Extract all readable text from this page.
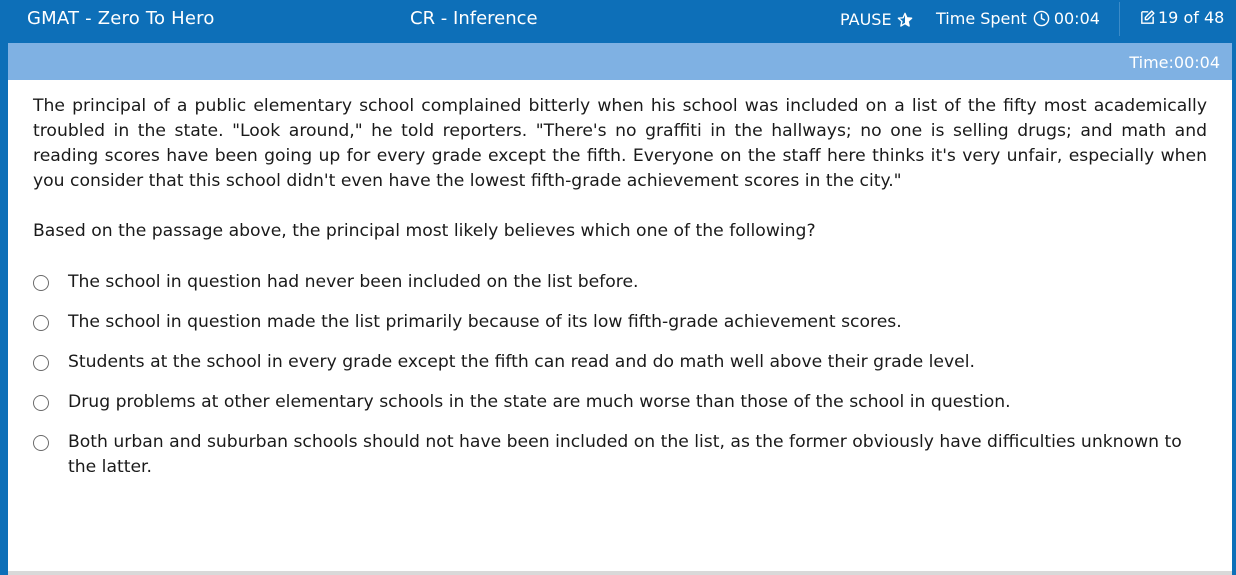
GMAT - Zero To Hero	CR - Inference	PAUSE	Time Spent 00:04	19 of 48
Time:00:04

The principal of a public elementary school complained bitterly when his school was included on a list of the fifty most academically troubled in the state. "Look around," he told reporters. "There's no graffiti in the hallways; no one is selling drugs; and math and reading scores have been going up for every grade except the fifth. Everyone on the staff here thinks it's very unfair, especially when you consider that this school didn't even have the lowest fifth-grade achievement scores in the city."

Based on the passage above, the principal most likely believes which one of the following?

The school in question had never been included on the list before.
The school in question made the list primarily because of its low fifth-grade achievement scores.
Students at the school in every grade except the fifth can read and do math well above their grade level.
Drug problems at other elementary schools in the state are much worse than those of the school in question.
Both urban and suburban schools should not have been included on the list, as the former obviously have difficulties unknown to the latter.
